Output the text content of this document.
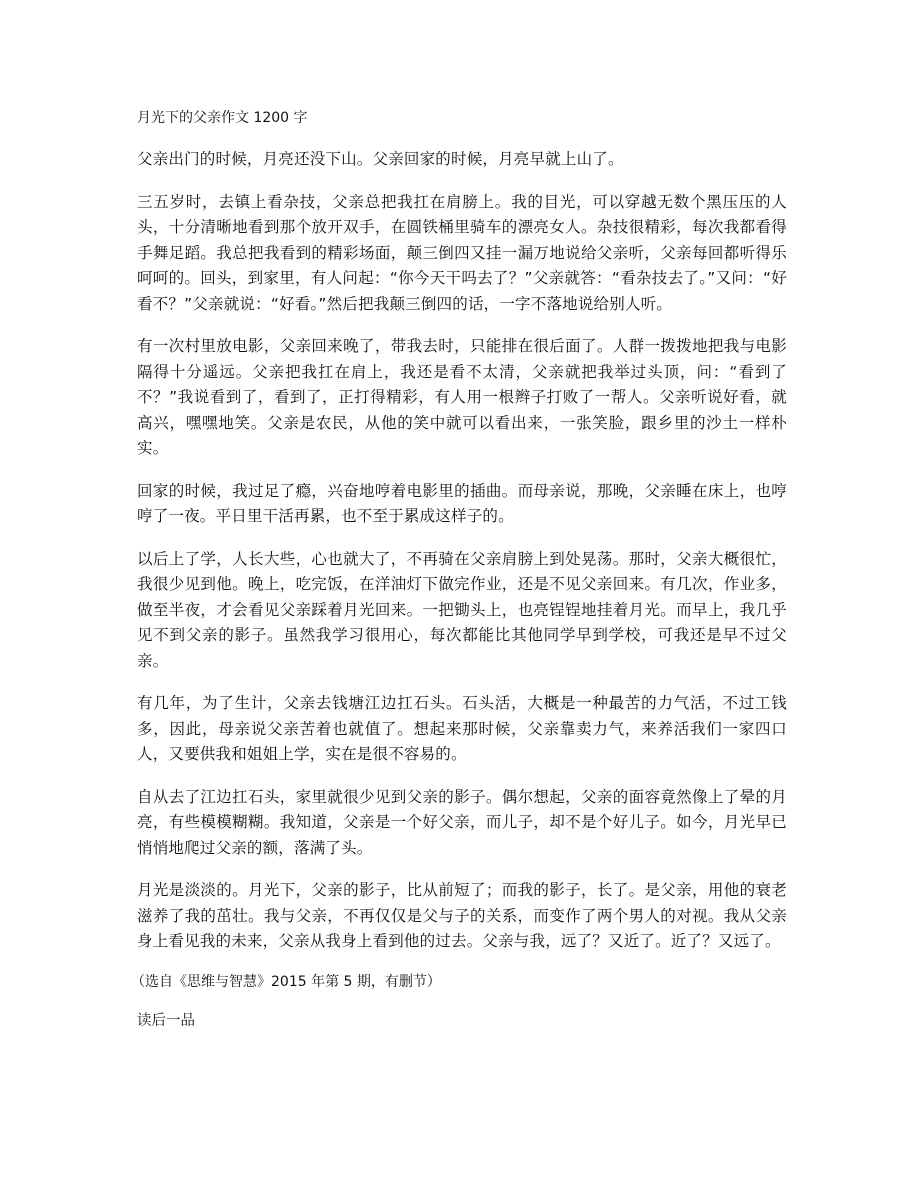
月光下的父亲作文 1200 字

父亲出门的时候，月亮还没下山。父亲回家的时候，月亮早就上山了。

三五岁时，去镇上看杂技，父亲总把我扛在肩膀上。我的目光，可以穿越无数个黑压压的人头，十分清晰地看到那个放开双手，在圆铁桶里骑车的漂亮女人。杂技很精彩，每次我都看得手舞足蹈。我总把我看到的精彩场面，颠三倒四又挂一漏万地说给父亲听，父亲每回都听得乐呵呵的。回头，到家里，有人问起：“你今天干吗去了？”父亲就答：“看杂技去了。”又问：“好看不？”父亲就说：“好看。”然后把我颠三倒四的话，一字不落地说给别人听。

有一次村里放电影，父亲回来晚了，带我去时，只能排在很后面了。人群一拨拨地把我与电影隔得十分遥远。父亲把我扛在肩上，我还是看不太清，父亲就把我举过头顶，问：“看到了不？”我说看到了，看到了，正打得精彩，有人用一根辫子打败了一帮人。父亲听说好看，就高兴，嘿嘿地笑。父亲是农民，从他的笑中就可以看出来，一张笑脸，跟乡里的沙土一样朴实。

回家的时候，我过足了瘾，兴奋地哼着电影里的插曲。而母亲说，那晚，父亲睡在床上，也哼哼了一夜。平日里干活再累，也不至于累成这样子的。

以后上了学，人长大些，心也就大了，不再骑在父亲肩膀上到处晃荡。那时，父亲大概很忙，我很少见到他。晚上，吃完饭，在洋油灯下做完作业，还是不见父亲回来。有几次，作业多，做至半夜，才会看见父亲踩着月光回来。一把锄头上，也亮锃锃地挂着月光。而早上，我几乎见不到父亲的影子。虽然我学习很用心，每次都能比其他同学早到学校，可我还是早不过父亲。

有几年，为了生计，父亲去钱塘江边扛石头。石头活，大概是一种最苦的力气活，不过工钱多，因此，母亲说父亲苦着也就值了。想起来那时候，父亲靠卖力气，来养活我们一家四口人，又要供我和姐姐上学，实在是很不容易的。

自从去了江边扛石头，家里就很少见到父亲的影子。偶尔想起，父亲的面容竟然像上了晕的月亮，有些模模糊糊。我知道，父亲是一个好父亲，而儿子，却不是个好儿子。如今，月光早已悄悄地爬过父亲的额，落满了头。

月光是淡淡的。月光下，父亲的影子，比从前短了；而我的影子，长了。是父亲，用他的衰老滋养了我的茁壮。我与父亲，不再仅仅是父与子的关系，而变作了两个男人的对视。我从父亲身上看见我的未来，父亲从我身上看到他的过去。父亲与我，远了？又近了。近了？又远了。

（选自《思维与智慧》2015 年第 5 期，有删节）
读后一品
